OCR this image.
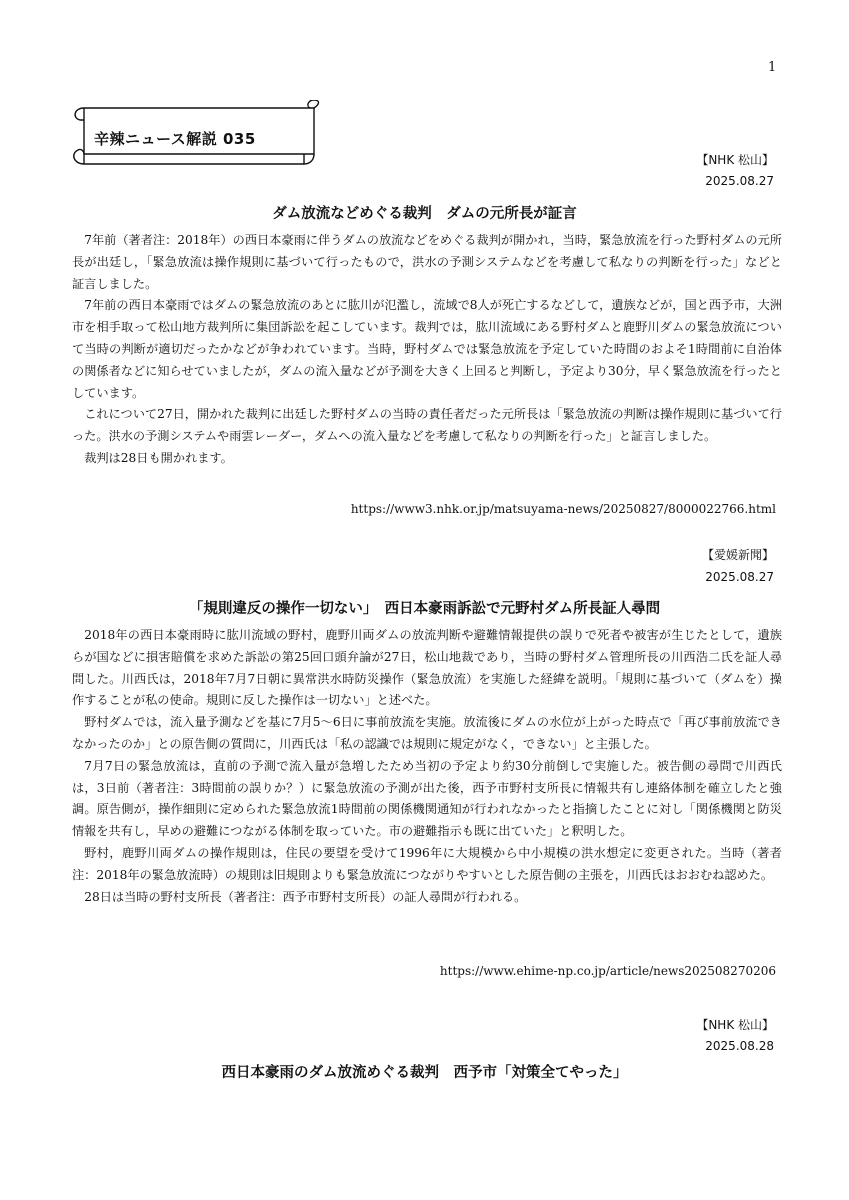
1
辛辣ニュース解説 035
【NHK 松山】
2025.08.27
ダム放流などめぐる裁判　ダムの元所長が証言

7年前（著者注：2018年）の西日本豪雨に伴うダムの放流などをめぐる裁判が開かれ，当時，緊急放流を行った野村ダムの元所長が出廷し，「緊急放流は操作規則に基づいて行ったもので，洪水の予測システムなどを考慮して私なりの判断を行った」などと証言しました。

7年前の西日本豪雨ではダムの緊急放流のあとに肱川が氾濫し，流域で8人が死亡するなどして，遺族などが，国と西予市，大洲市を相手取って松山地方裁判所に集団訴訟を起こしています。裁判では，肱川流域にある野村ダムと鹿野川ダムの緊急放流について当時の判断が適切だったかなどが争われています。当時，野村ダムでは緊急放流を予定していた時間のおよそ1時間前に自治体の関係者などに知らせていましたが，ダムの流入量などが予測を大きく上回ると判断し，予定より30分，早く緊急放流を行ったとしています。

これについて27日，開かれた裁判に出廷した野村ダムの当時の責任者だった元所長は「緊急放流の判断は操作規則に基づいて行った。洪水の予測システムや雨雲レーダー，ダムへの流入量などを考慮して私なりの判断を行った」と証言しました。

裁判は28日も開かれます。

https://www3.nhk.or.jp/matsuyama-news/20250827/8000022766.html
【愛媛新聞】
2025.08.27
「規則違反の操作一切ない」　西日本豪雨訴訟で元野村ダム所長証人尋問

2018年の西日本豪雨時に肱川流域の野村，鹿野川両ダムの放流判断や避難情報提供の誤りで死者や被害が生じたとして，遺族らが国などに損害賠償を求めた訴訟の第25回口頭弁論が27日，松山地裁であり，当時の野村ダム管理所長の川西浩二氏を証人尋問した。川西氏は，2018年7月7日朝に異常洪水時防災操作（緊急放流）を実施した経緯を説明。「規則に基づいて（ダムを）操作することが私の使命。規則に反した操作は一切ない」と述べた。

野村ダムでは，流入量予測などを基に7月5～6日に事前放流を実施。放流後にダムの水位が上がった時点で「再び事前放流できなかったのか」との原告側の質問に，川西氏は「私の認識では規則に規定がなく，できない」と主張した。

7月7日の緊急放流は，直前の予測で流入量が急増したため当初の予定より約30分前倒しで実施した。被告側の尋問で川西氏は，3日前（著者注：3時間前の誤りか？）に緊急放流の予測が出た後，西予市野村支所長に情報共有し連絡体制を確立したと強調。原告側が，操作細則に定められた緊急放流1時間前の関係機関通知が行われなかったと指摘したことに対し「関係機関と防災情報を共有し，早めの避難につながる体制を取っていた。市の避難指示も既に出ていた」と釈明した。

野村，鹿野川両ダムの操作規則は，住民の要望を受けて1996年に大規模から中小規模の洪水想定に変更された。当時（著者注：2018年の緊急放流時）の規則は旧規則よりも緊急放流につながりやすいとした原告側の主張を，川西氏はおおむね認めた。

28日は当時の野村支所長（著者注：西予市野村支所長）の証人尋問が行われる。

https://www.ehime-np.co.jp/article/news202508270206
【NHK 松山】
2025.08.28
西日本豪雨のダム放流めぐる裁判　西予市「対策全てやった」
